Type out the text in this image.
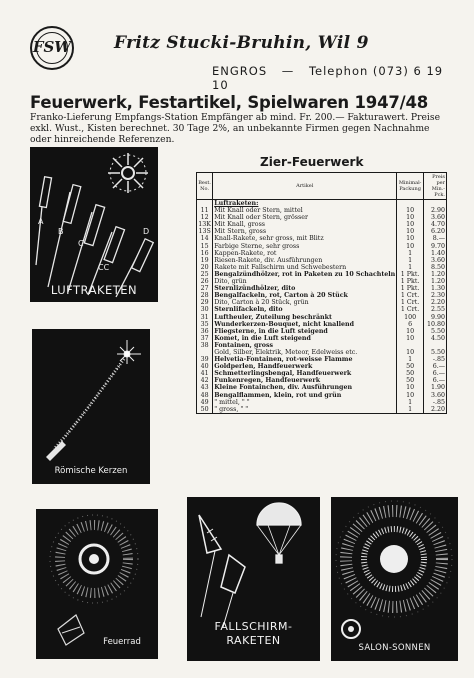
FSW	Fritz Stucki-Bruhin, Wil 9
ENGROS — Telephon (073) 6 19 10
Feuerwerk, Festartikel, Spielwaren 1947/48
Franko-Lieferung Empfangs-Station Empfänger ab mind. Fr. 200.— Fakturawert. Preise exkl. Wust., Kisten berechnet. 30 Tage 2%, an unbekannte Firmen gegen Nachnahme oder hinreichende Referenzen.
A
B
C
CC
D
LUFTRAKETEN
Römische Kerzen
Feuerrad
FALLSCHIRM-
RAKETEN
SALON-SONNEN
Zier-Feuerwerk
Best. No.	Artikel	Minimal-Packung	Preis per Min.-Pck.
	Luftraketen:		
11	Mit Knall oder Stern, mittel	10	2.90
12	Mit Knall oder Stern, grösser	10	3.60
13K	Mit Knall, gross	10	4.70
13S	Mit Stern, gross	10	6.20
14	Knall-Rakete, sehr gross, mit Blitz	10	8.—
15	Farbige Sterne, sehr gross	10	9.70
16	Kappen-Rakete, rot	1	1.40
19	Riesen-Rakete, div. Ausführungen	1	3.60
20	Rakete mit Fallschirm und Schwebestern	1	8.50
25	Bengalzündhölzer, rot in Paketen zu 10 Schachteln	1 Pkt.	1.20
26	Dito, grün	1 Pkt.	1.20
27	Sternlizündhölzer, dito	1 Pkt.	1.30
28	Bengalfackeln, rot, Carton à 20 Stück	1 Crt.	2.30
29	Dito, Carton à 20 Stück, grün	1 Crt.	2.20
30	Sternlifackeln, dito	1 Crt.	2.55
31	Luftheuler, Zuteilung beschränkt	100	9.90
35	Wunderkerzen-Bouquet, nicht knallend	6	10.80
36	Fliegsterne, in die Luft steigend	10	5.50
37	Komet, in die Luft steigend	10	4.50
38	Fontainen, gross		
	Gold, Silber, Elektrik, Meteor, Edelweiss etc.	10	5.50
39	Helvetia-Fontainen, rot-weisse Flamme	1	-.85
40	Goldperlen, Handfeuerwerk	50	6.—
41	Schmetterlingsbengal, Handfeuerwerk	50	6.—
42	Funkenregen, Handfeuerwerk	50	6.—
43	Kleine Fontainchen, div. Ausführungen	10	1.90
48	Bengalflammen, klein, rot und grün	10	3.60
49	" mittel, " "	1	-.85
50	" gross, " "	1	2.20
